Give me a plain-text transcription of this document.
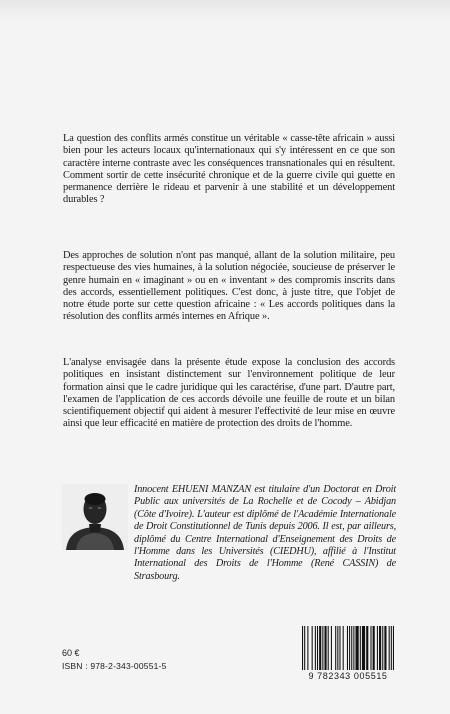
La question des conflits armés constitue un véritable « casse-tête africain » aussi bien pour les acteurs locaux qu'internationaux qui s'y intéressent en ce que son caractère interne contraste avec les conséquences transnationales qui en résultent. Comment sortir de cette insécurité chronique et de la guerre civile qui guette en permanence derrière le rideau et parvenir à une stabilité et un développement durables ?

Des approches de solution n'ont pas manqué, allant de la solution militaire, peu respectueuse des vies humaines, à la solution négociée, soucieuse de préserver le genre humain en « imaginant » ou en « inventant » des compromis inscrits dans des accords, essentiellement politiques. C'est donc, à juste titre, que l'objet de notre étude porte sur cette question africaine : « Les accords politiques dans la résolution des conflits armés internes en Afrique ».

L'analyse envisagée dans la présente étude expose la conclusion des accords politiques en insistant distinctement sur l'environnement politique de leur formation ainsi que le cadre juridique qui les caractérise, d'une part. D'autre part, l'examen de l'application de ces accords dévoile une feuille de route et un bilan scientifiquement objectif qui aident à mesurer l'effectivité de leur mise en œuvre ainsi que leur efficacité en matière de protection des droits de l'homme.

Innocent EHUENI MANZAN est titulaire d'un Doctorat en Droit Public aux universités de La Rochelle et de Cocody – Abidjan (Côte d'Ivoire). L'auteur est diplômé de l'Académie Internationale de Droit Constitutionnel de Tunis depuis 2006. Il est, par ailleurs, diplômé du Centre International d'Enseignement des Droits de l'Homme dans les Universités (CIEDHU), affilié à l'Institut International des Droits de l'Homme (René CASSIN) de Strasbourg.

60 €
ISBN : 978-2-343-00551-5
9 782343 005515
